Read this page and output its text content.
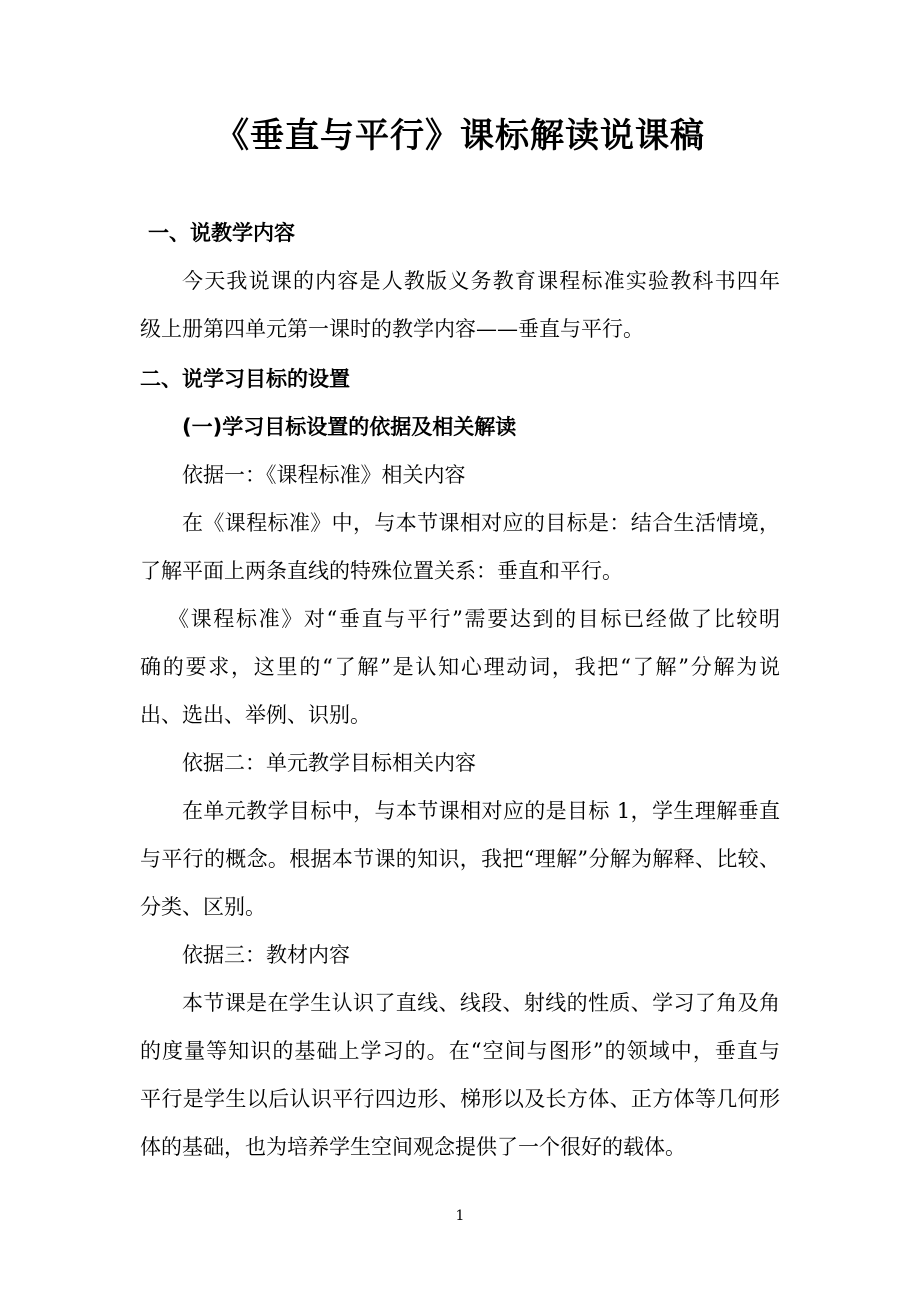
《垂直与平行》课标解读说课稿
一、说教学内容
今天我说课的内容是人教版义务教育课程标准实验教科书四年
级上册第四单元第一课时的教学内容——垂直与平行。
二、说学习目标的设置
(一)学习目标设置的依据及相关解读
依据一：《课程标准》相关内容
在《课程标准》中，与本节课相对应的目标是：结合生活情境，
了解平面上两条直线的特殊位置关系：垂直和平行。
《课程标准》对“垂直与平行”需要达到的目标已经做了比较明
确的要求，这里的“了解”是认知心理动词，我把“了解”分解为说
出、选出、举例、识别。
依据二：单元教学目标相关内容
在单元教学目标中，与本节课相对应的是目标 1，学生理解垂直
与平行的概念。根据本节课的知识，我把“理解”分解为解释、比较、
分类、区别。
依据三：教材内容
本节课是在学生认识了直线、线段、射线的性质、学习了角及角
的度量等知识的基础上学习的。在“空间与图形”的领域中，垂直与
平行是学生以后认识平行四边形、梯形以及长方体、正方体等几何形
体的基础，也为培养学生空间观念提供了一个很好的载体。
1
